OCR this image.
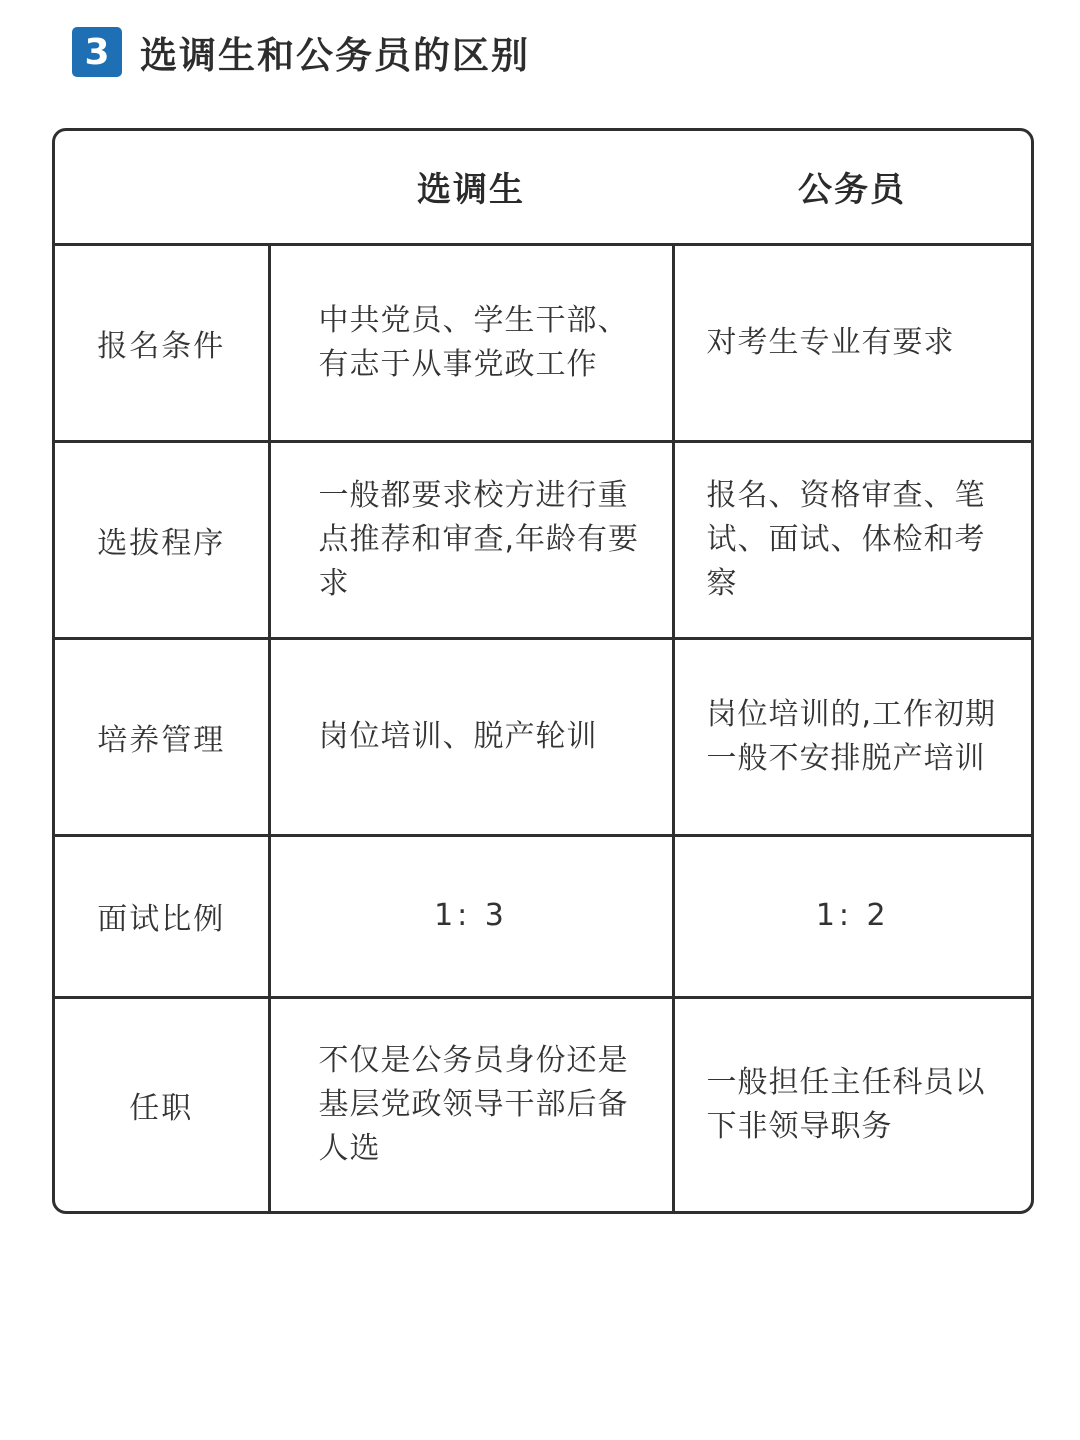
3 选调生和公务员的区别
	选调生	公务员
报名条件	中共党员、学生干部、有志于从事党政工作	对考生专业有要求
选拔程序	一般都要求校方进行重点推荐和审查,年龄有要求	报名、资格审查、笔试、面试、体检和考察
培养管理	岗位培训、脱产轮训	岗位培训的,工作初期一般不安排脱产培训
面试比例	1: 3	1: 2
任职	不仅是公务员身份还是基层党政领导干部后备人选	一般担任主任科员以下非领导职务
